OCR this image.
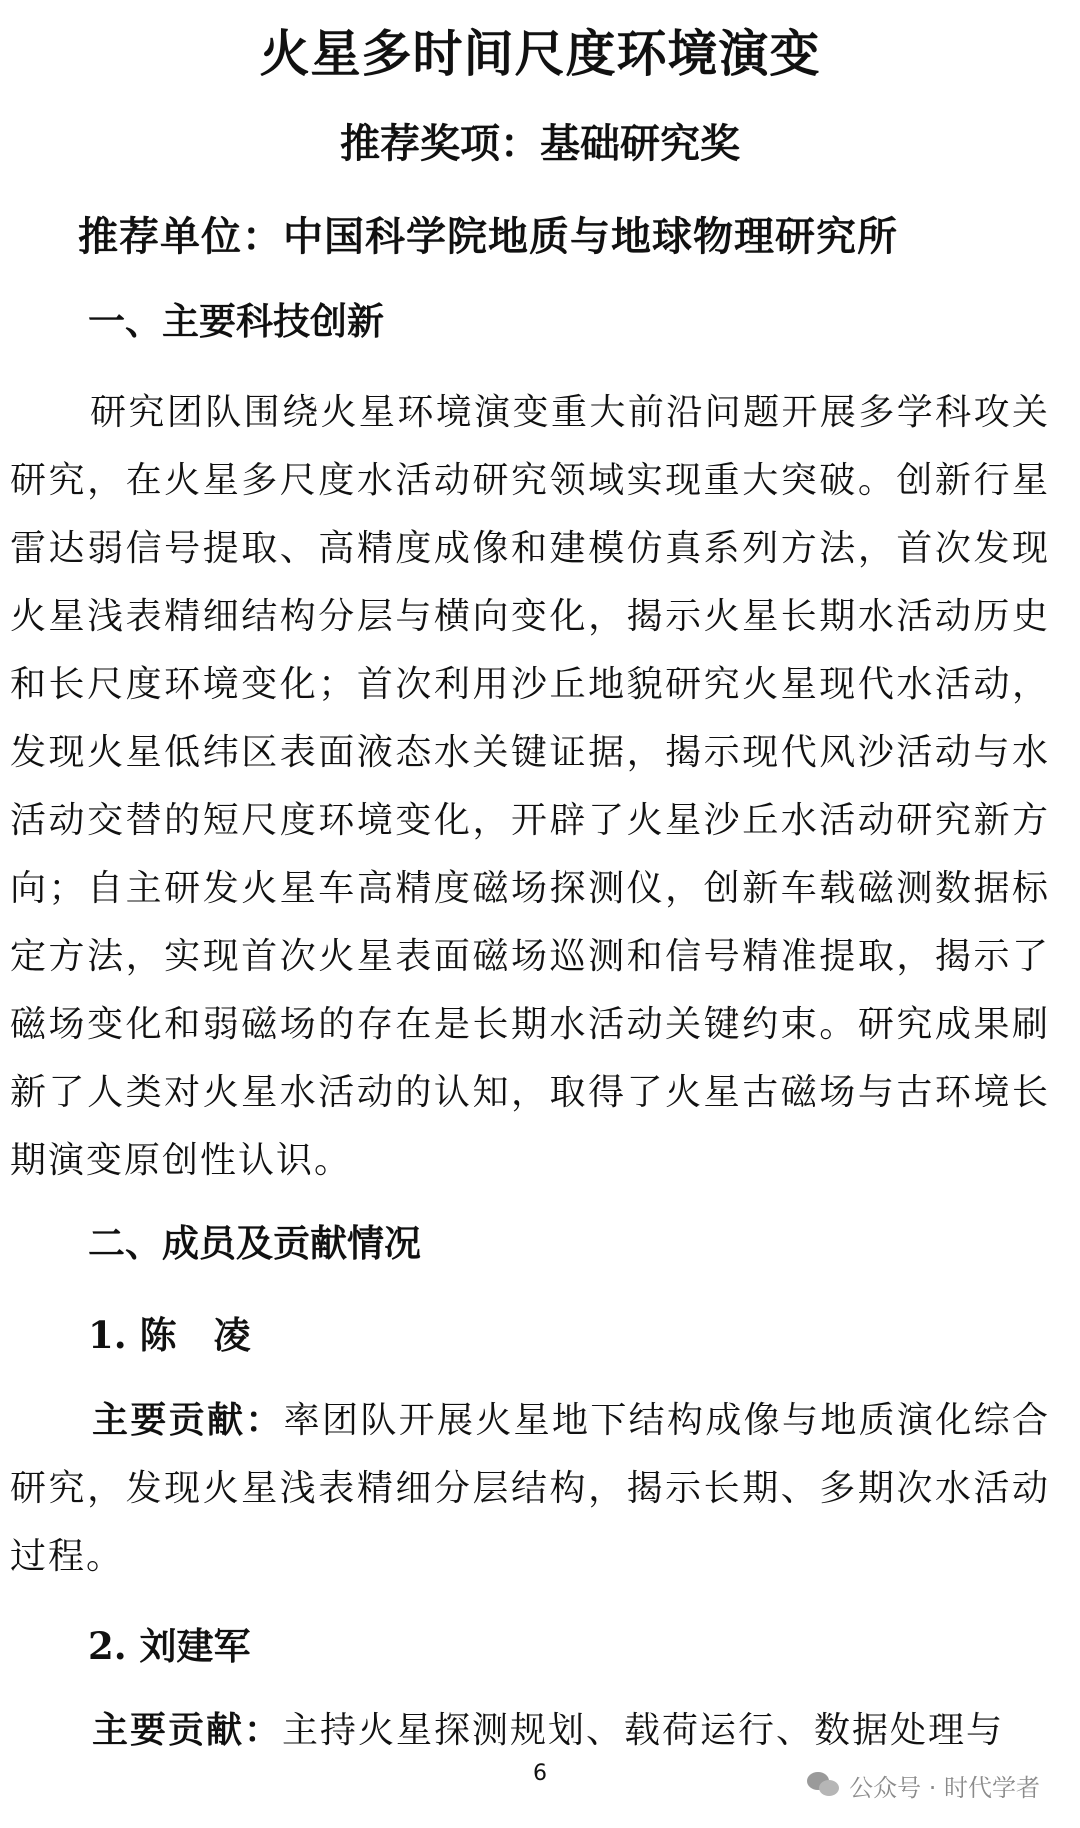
火星多时间尺度环境演变
推荐奖项：基础研究奖
推荐单位：中国科学院地质与地球物理研究所
一、主要科技创新
研究团队围绕火星环境演变重大前沿问题开展多学科攻关研究，在火星多尺度水活动研究领域实现重大突破。创新行星雷达弱信号提取、高精度成像和建模仿真系列方法，首次发现火星浅表精细结构分层与横向变化，揭示火星长期水活动历史和长尺度环境变化；首次利用沙丘地貌研究火星现代水活动，发现火星低纬区表面液态水关键证据，揭示现代风沙活动与水活动交替的短尺度环境变化，开辟了火星沙丘水活动研究新方向；自主研发火星车高精度磁场探测仪，创新车载磁测数据标定方法，实现首次火星表面磁场巡测和信号精准提取，揭示了磁场变化和弱磁场的存在是长期水活动关键约束。研究成果刷新了人类对火星水活动的认知，取得了火星古磁场与古环境长期演变原创性认识。
二、成员及贡献情况
1. 陈　凌
主要贡献：率团队开展火星地下结构成像与地质演化综合研究，发现火星浅表精细分层结构，揭示长期、多期次水活动过程。
2. 刘建军
主要贡献：主持火星探测规划、载荷运行、数据处理与
6
公众号 · 时代学者
